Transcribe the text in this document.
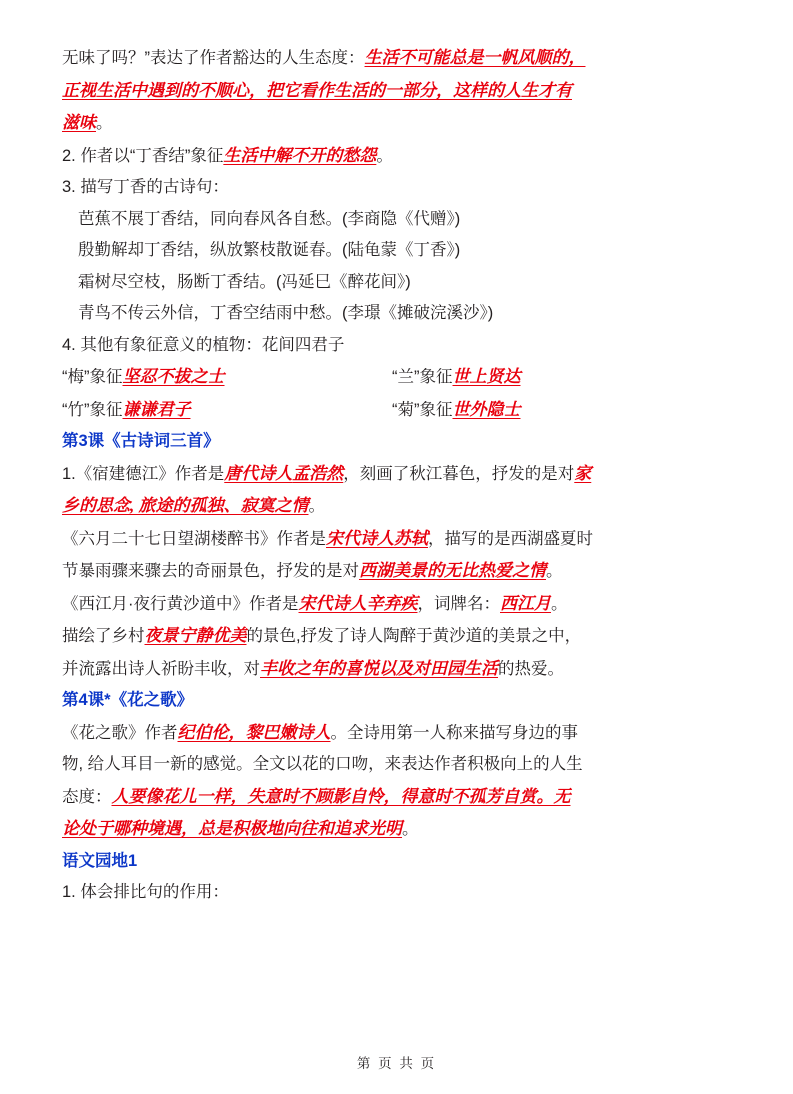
无味了吗？”表达了作者豁达的人生态度：生活不可能总是一帆风顺的，
正视生活中遇到的不顺心，把它看作生活的一部分，这样的人生才有
滋味。
2. 作者以“丁香结”象征生活中解不开的愁怨。
3. 描写丁香的古诗句：
芭蕉不展丁香结，同向春风各自愁。(李商隐《代赠》)
殷勤解却丁香结，纵放繁枝散诞春。(陆龟蒙《丁香》)
霜树尽空枝，肠断丁香结。(冯延巳《醉花间》)
青鸟不传云外信，丁香空结雨中愁。(李璟《摊破浣溪沙》)
4. 其他有象征意义的植物：花间四君子
“梅”象征坚忍不拔之士	“兰”象征世上贤达
“竹”象征谦谦君子	“菊”象征世外隐士
第3课《古诗词三首》
1.《宿建德江》作者是唐代诗人孟浩然，刻画了秋江暮色，抒发的是对家
乡的思念, 旅途的孤独、寂寞之情。
《六月二十七日望湖楼醉书》作者是宋代诗人苏轼，描写的是西湖盛夏时
节暴雨骤来骤去的奇丽景色，抒发的是对西湖美景的无比热爱之情。
《西江月·夜行黄沙道中》作者是宋代诗人辛弃疾，词牌名：西江月。
描绘了乡村夜景宁静优美的景色,抒发了诗人陶醉于黄沙道的美景之中，
并流露出诗人祈盼丰收，对丰收之年的喜悦以及对田园生活的热爱。
第4课*《花之歌》
《花之歌》作者纪伯伦，黎巴嫩诗人。全诗用第一人称来描写身边的事
物, 给人耳目一新的感觉。全文以花的口吻，来表达作者积极向上的人生
态度：人要像花儿一样，失意时不顾影自怜，得意时不孤芳自赏。无
论处于哪种境遇，总是积极地向往和追求光明。
语文园地1
1. 体会排比句的作用：
第 页 共 页
